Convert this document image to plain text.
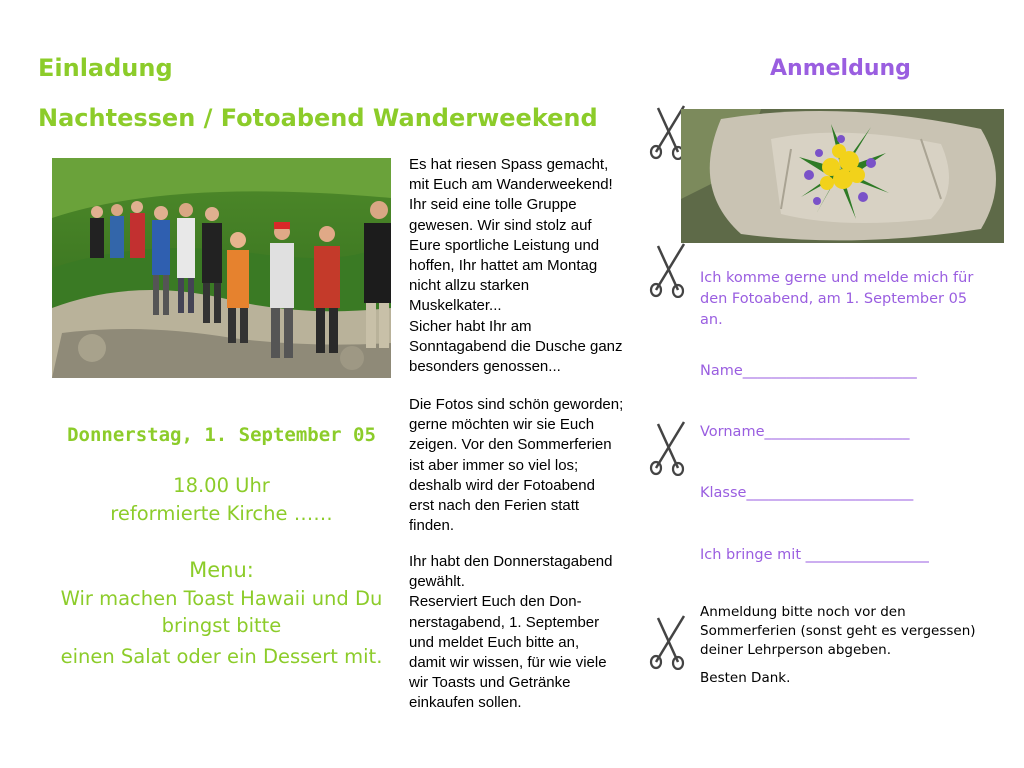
Einladung
Nachtessen / Fotoabend Wanderweekend
Donnerstag, 1. September 05
18.00 Uhr
reformierte Kirche ……
Menu:
Wir machen Toast Hawaii und Du
bringst bitte
einen Salat oder ein Dessert mit.
Es hat riesen Spass gemacht,
mit Euch am Wanderweekend!
Ihr seid eine tolle Gruppe
gewesen. Wir sind stolz auf
Eure sportliche Leistung und
hoffen, Ihr hattet am Montag
nicht allzu starken
Muskelkater...
Sicher habt Ihr am
Sonntagabend die Dusche ganz
besonders genossen...
Die Fotos sind schön geworden;
gerne möchten wir sie Euch
zeigen. Vor den Sommerferien
ist aber immer so viel los;
deshalb wird der Fotoabend
erst nach den Ferien statt
finden.
Ihr habt den Donnerstagabend
gewählt.
Reserviert Euch den Don-
nerstagabend, 1. September
und meldet Euch bitte an,
damit wir wissen, für wie viele
wir Toasts und Getränke
einkaufen sollen.
Anmeldung
Ich komme gerne und melde mich für
den Fotoabend, am 1. September 05
an.
Name________________________
Vorname____________________
Klasse_______________________
Ich bringe mit _________________
Anmeldung bitte noch vor den
Sommerferien (sonst geht es vergessen)
deiner Lehrperson abgeben.
Besten Dank.
